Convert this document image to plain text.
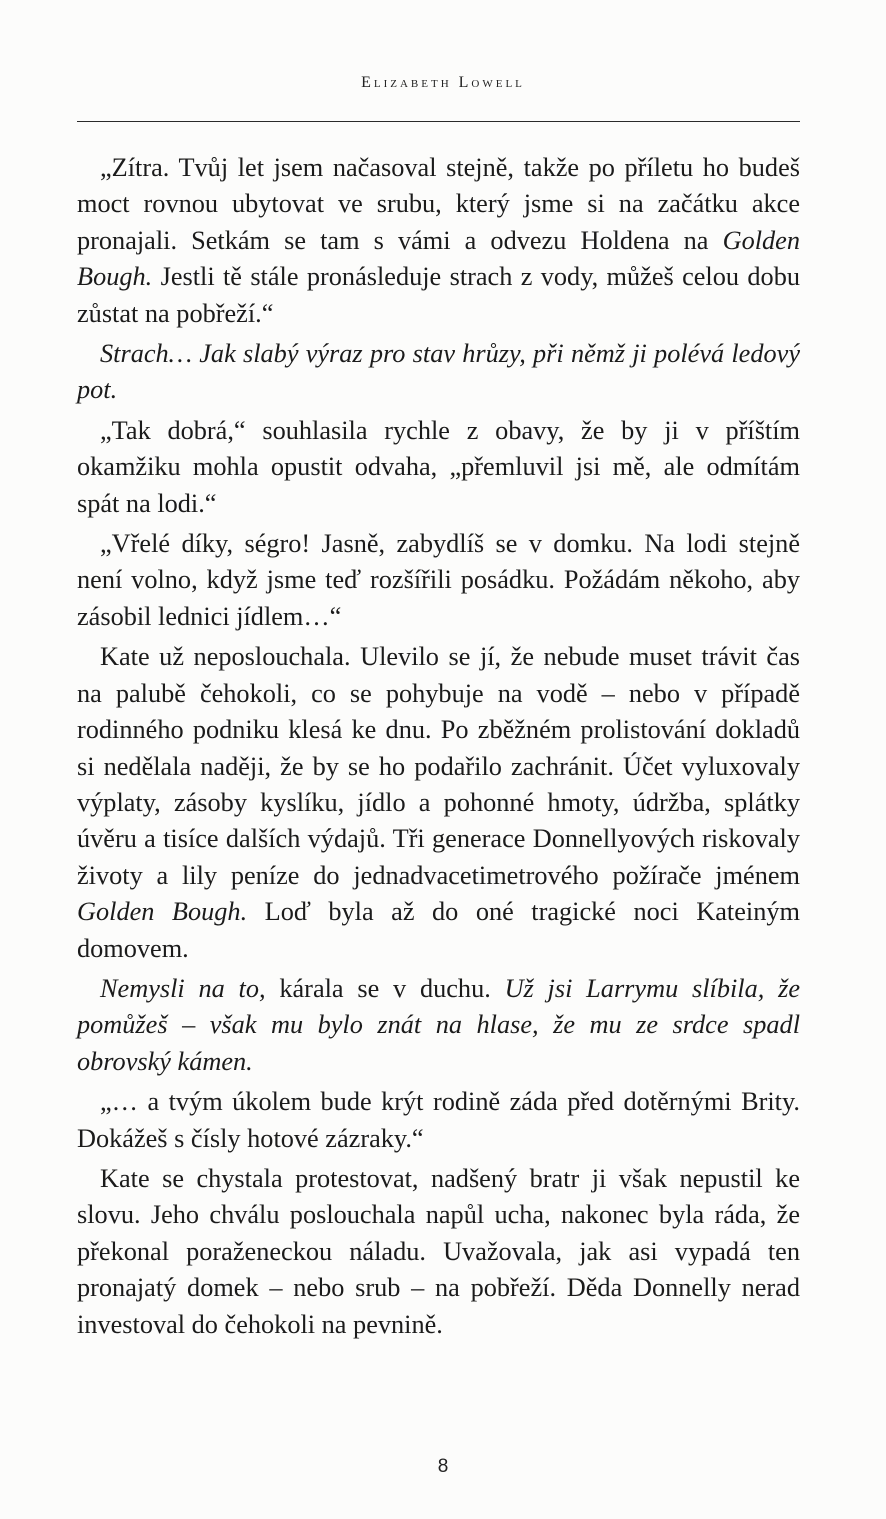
Elizabeth Lowell

„Zítra. Tvůj let jsem načasoval stejně, takže po příletu ho budeš moct rovnou ubytovat ve srubu, který jsme si na začátku akce pronajali. Setkám se tam s vámi a odvezu Holdena na Golden Bough. Jestli tě stále pronásleduje strach z vody, můžeš celou dobu zůstat na pobřeží.“

Strach… Jak slabý výraz pro stav hrůzy, při němž ji polévá ledový pot.

„Tak dobrá,“ souhlasila rychle z obavy, že by ji v příštím okamžiku mohla opustit odvaha, „přemluvil jsi mě, ale odmítám spát na lodi.“

„Vřelé díky, ségro! Jasně, zabydlíš se v domku. Na lodi stejně není volno, když jsme teď rozšířili posádku. Požádám někoho, aby zásobil lednici jídlem…“

Kate už neposlouchala. Ulevilo se jí, že nebude muset trávit čas na palubě čehokoli, co se pohybuje na vodě – nebo v případě rodinného podniku klesá ke dnu. Po zběžném prolistování dokladů si nedělala naději, že by se ho podařilo zachránit. Účet vyluxovaly výplaty, zásoby kyslíku, jídlo a pohonné hmoty, údržba, splátky úvěru a tisíce dalších výdajů. Tři generace Donnellyových riskovaly životy a lily peníze do jednadvacetimetrového požírače jménem Golden Bough. Loď byla až do oné tragické noci Kateiným domovem.

Nemysli na to, kárala se v duchu. Už jsi Larrymu slíbila, že pomůžeš – však mu bylo znát na hlase, že mu ze srdce spadl obrovský kámen.

„… a tvým úkolem bude krýt rodině záda před dotěrnými Brity. Dokážeš s čísly hotové zázraky.“

Kate se chystala protestovat, nadšený bratr ji však nepustil ke slovu. Jeho chválu poslouchala napůl ucha, nakonec byla ráda, že překonal poraženeckou náladu. Uvažovala, jak asi vypadá ten pronajatý domek – nebo srub – na pobřeží. Děda Donnelly nerad investoval do čehokoli na pevnině.

8
